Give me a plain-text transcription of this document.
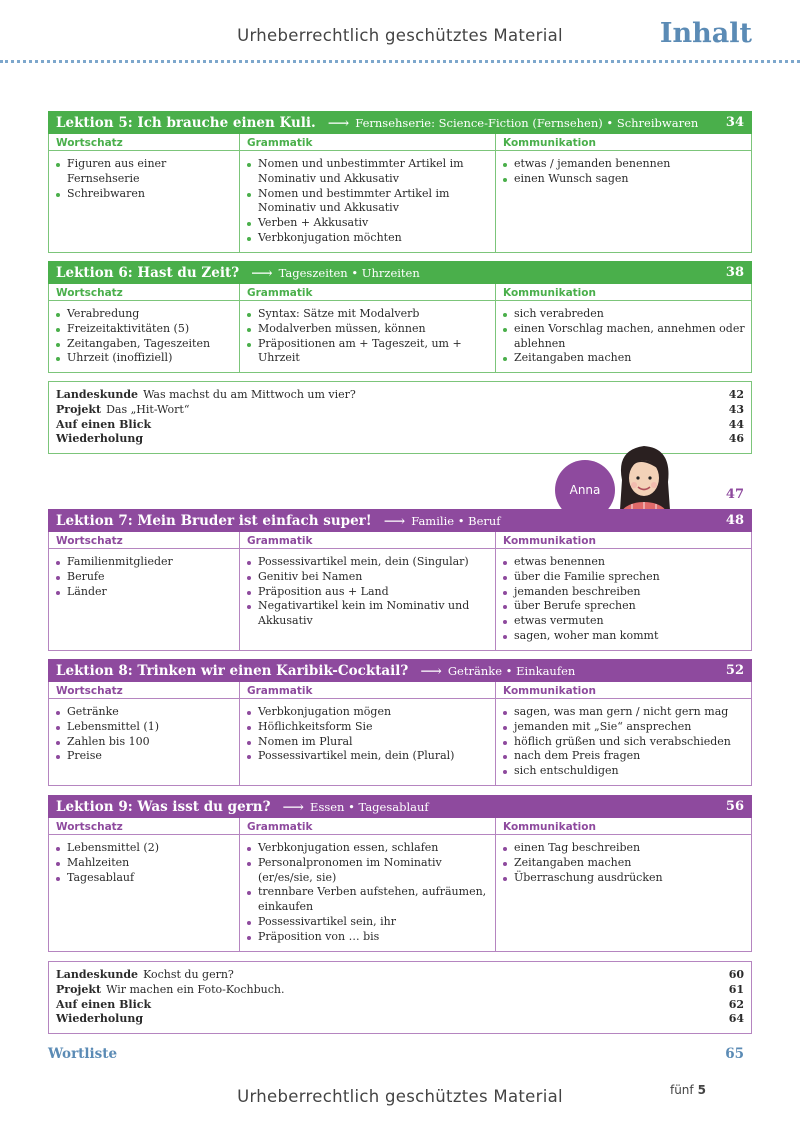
Urheberrechtlich geschütztes Material	Inhalt
Lektion 5: Ich brauche einen Kuli. ⟶ Fernsehserie: Science-Fiction (Fernsehen) • Schreibwaren 34
Wortschatz
Figuren aus einer Fernsehserie
Schreibwaren
Grammatik
Nomen und unbestimmter Artikel im Nominativ und Akkusativ
Nomen und bestimmter Artikel im Nominativ und Akkusativ
Verben + Akkusativ
Verbkonjugation möchten
Kommunikation
etwas / jemanden benennen
einen Wunsch sagen
Lektion 6: Hast du Zeit? ⟶ Tageszeiten • Uhrzeiten	38
Wortschatz
Verabredung
Freizeitaktivitäten (5)
Zeitangaben, Tageszeiten
Uhrzeit (inoffiziell)
Grammatik
Syntax: Sätze mit Modalverb
Modalverben müssen, können
Präpositionen am + Tageszeit, um + Uhrzeit
Kommunikation
sich verabreden
einen Vorschlag machen, annehmen oder ablehnen
Zeitangaben machen
Landeskunde Was machst du am Mittwoch um vier?	42
Projekt Das „Hit-Wort“	43
Auf einen Blick	44
Wiederholung	46
Anna	47
Lektion 7: Mein Bruder ist einfach super! ⟶ Familie • Beruf	48
Wortschatz
Familienmitglieder
Berufe
Länder
Grammatik
Possessivartikel mein, dein (Singular)
Genitiv bei Namen
Präposition aus + Land
Negativartikel kein im Nominativ und Akkusativ
Kommunikation
etwas benennen
über die Familie sprechen
jemanden beschreiben
über Berufe sprechen
etwas vermuten
sagen, woher man kommt
Lektion 8: Trinken wir einen Karibik-Cocktail? ⟶ Getränke • Einkaufen	52
Wortschatz
Getränke
Lebensmittel (1)
Zahlen bis 100
Preise
Grammatik
Verbkonjugation mögen
Höflichkeitsform Sie
Nomen im Plural
Possessivartikel mein, dein (Plural)
Kommunikation
sagen, was man gern / nicht gern mag
jemanden mit „Sie“ ansprechen
höflich grüßen und sich verabschieden
nach dem Preis fragen
sich entschuldigen
Lektion 9: Was isst du gern? ⟶ Essen • Tagesablauf	56
Wortschatz
Lebensmittel (2)
Mahlzeiten
Tagesablauf
Grammatik
Verbkonjugation essen, schlafen
Personalpronomen im Nominativ (er/es/sie, sie)
trennbare Verben aufstehen, aufräumen, einkaufen
Possessivartikel sein, ihr
Präposition von … bis
Kommunikation
einen Tag beschreiben
Zeitangaben machen
Überraschung ausdrücken
Landeskunde Kochst du gern?	60
Projekt Wir machen ein Foto-Kochbuch.	61
Auf einen Blick	62
Wiederholung	64
Wortliste	65
Urheberrechtlich geschütztes Material	fünf 5
